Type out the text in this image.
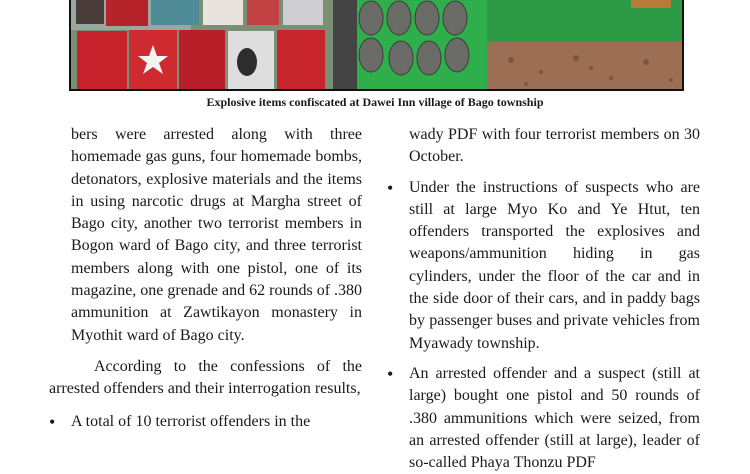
Explosive items confiscated at Dawei Inn village of Bago township

bers were arrested along with three homemade gas guns, four homemade bombs, detonators, explosive materials and the items in using narcotic drugs at Margha street of Bago city, another two terrorist members in Bogon ward of Bago city, and three terrorist members along with one pistol, one of its magazine, one grenade and 62 rounds of .380 ammunition at Zawtikayon monastery in Myothit ward of Bago city.

According to the confessions of the arrested offenders and their interrogation results,

• A total of 10 terrorist offenders in the

wady PDF with four terrorist members on 30 October.

• Under the instructions of suspects who are still at large Myo Ko and Ye Htut, ten offenders transported the explosives and weapons/ammunition hiding in gas cylinders, under the floor of the car and in the side door of their cars, and in paddy bags by passenger buses and private vehicles from Myawady township.
• An arrested offender and a suspect (still at large) bought one pistol and 50 rounds of .380 ammunitions which were seized, from an arrested offender (still at large), leader of so-called Phaya Thonzu PDF
